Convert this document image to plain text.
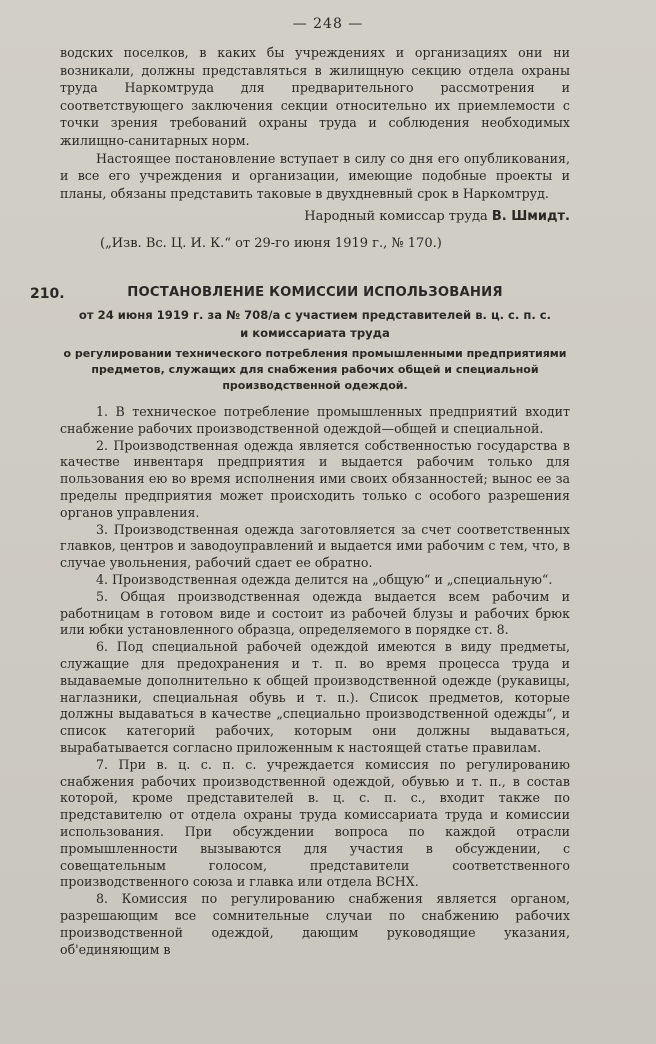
— 248 —

водских поселков, в каких бы учреждениях и организациях они ни возникали, должны представляться в жилищную секцию отдела охраны труда Наркомтруда для предварительного рассмотрения и соответствующего заключения секции относительно их приемлемости с точки зрения требований охраны труда и соблюдения необходимых жилищно-санитарных норм.

Настоящее постановление вступает в силу со дня его опубликования, и все его учреждения и организации, имеющие подобные проекты и планы, обязаны представить таковые в двухдневный срок в Наркомтруд.

Народный комиссар труда В. Шмидт.
(„Изв. Вс. Ц. И. К.“ от 29-го июня 1919 г., № 170.)
210.	ПОСТАНОВЛЕНИЕ КОМИССИИ ИСПОЛЬЗОВАНИЯ
от 24 июня 1919 г. за № 708/а с участием представителей в. ц. с. п. с.
и комиссариата труда
о регулировании технического потребления промышленными предприятиями предметов, служащих для снабжения рабочих общей и специальной производственной одеждой.

1. В техническое потребление промышленных предприятий входит снабжение рабочих производственной одеждой—общей и специальной.

2. Производственная одежда является собственностью государства в качестве инвентаря предприятия и выдается рабочим только для пользования ею во время исполнения ими своих обязанностей; вынос ее за пределы предприятия может происходить только с особого разрешения органов управления.

3. Производственная одежда заготовляется за счет соответственных главков, центров и заводоуправлений и выдается ими рабочим с тем, что, в случае увольнения, рабочий сдает ее обратно.

4. Производственная одежда делится на „общую“ и „специальную“.

5. Общая производственная одежда выдается всем рабочим и работницам в готовом виде и состоит из рабочей блузы и рабочих брюк или юбки установленного образца, определяемого в порядке ст. 8.

6. Под специальной рабочей одеждой имеются в виду предметы, служащие для предохранения и т. п. во время процесса труда и выдаваемые дополнительно к общей производственной одежде (рукавицы, наглазники, специальная обувь и т. п.). Список предметов, которые должны выдаваться в качестве „специально производственной одежды“, и список категорий рабочих, которым они должны выдаваться, вырабатывается согласно приложенным к настоящей статье правилам.

7. При в. ц. с. п. с. учреждается комиссия по регулированию снабжения рабочих производственной одеждой, обувью и т. п., в состав которой, кроме представителей в. ц. с. п. с., входит также по представителю от отдела охраны труда комиссариата труда и комиссии использования. При обсуждении вопроса по каждой отрасли промышленности вызываются для участия в обсуждении, с совещательным голосом, представители соответственного производственного союза и главка или отдела ВСНХ.

8. Комиссия по регулированию снабжения является органом, разрешающим все сомнительные случаи по снабжению рабочих производственной одеждой, дающим руководящие указания, об'единяющим в
